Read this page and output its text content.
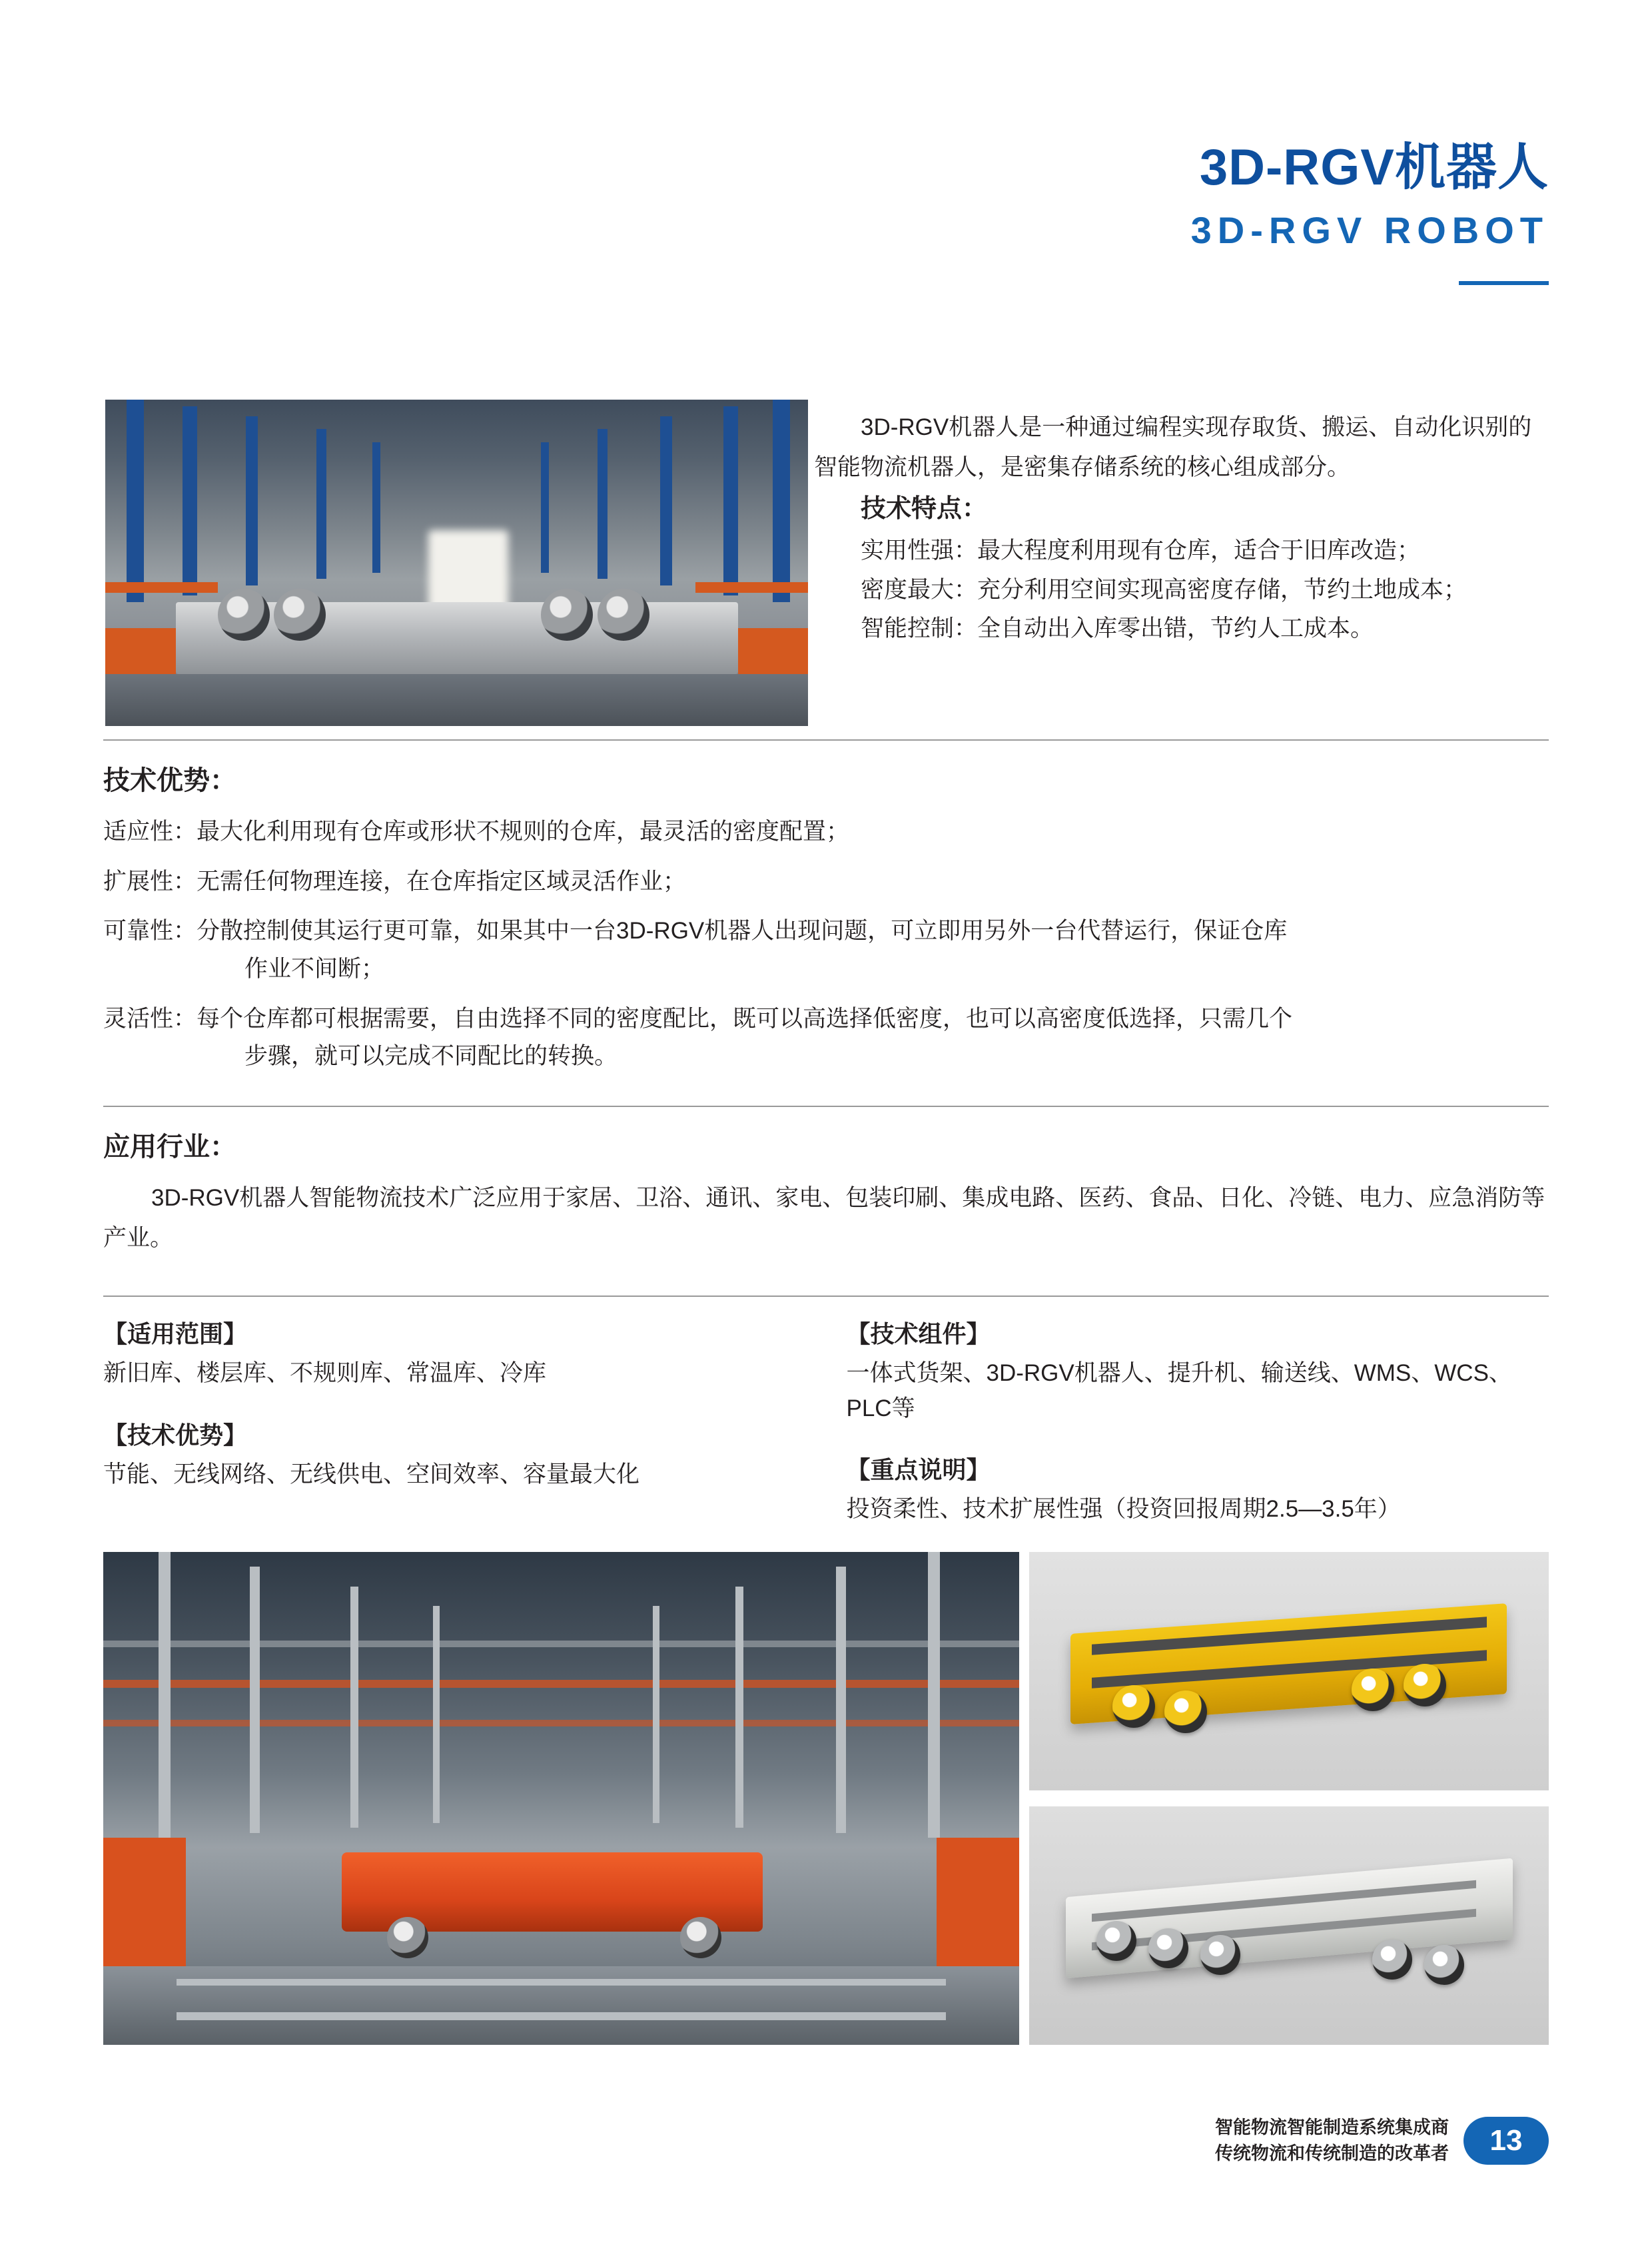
3D-RGV机器人
3D-RGV ROBOT

3D-RGV机器人是一种通过编程实现存取货、搬运、自动化识别的智能物流机器人，是密集存储系统的核心组成部分。

技术特点：

实用性强：最大程度利用现有仓库，适合于旧库改造；

密度最大：充分利用空间实现高密度存储，节约土地成本；

智能控制：全自动出入库零出错，节约人工成本。

技术优势：
适应性： 最大化利用现有仓库或形状不规则的仓库，最灵活的密度配置；
扩展性： 无需任何物理连接，在仓库指定区域灵活作业；
可靠性： 分散控制使其运行更可靠，如果其中一台3D-RGV机器人出现问题，可立即用另外一台代替运行，保证仓库
作业不间断；
灵活性： 每个仓库都可根据需要，自由选择不同的密度配比，既可以高选择低密度，也可以高密度低选择，只需几个
步骤，就可以完成不同配比的转换。
应用行业：

3D-RGV机器人智能物流技术广泛应用于家居、卫浴、通讯、家电、包装印刷、集成电路、医药、食品、日化、冷链、电力、应急消防等产业。

【适用范围】
新旧库、楼层库、不规则库、常温库、冷库
【技术优势】
节能、无线网络、无线供电、空间效率、容量最大化
【技术组件】
一体式货架、3D-RGV机器人、提升机、输送线、WMS、WCS、PLC等
【重点说明】
投资柔性、技术扩展性强（投资回报周期2.5—3.5年）
智能物流智能制造系统集成商
传统物流和传统制造的改革者	13
